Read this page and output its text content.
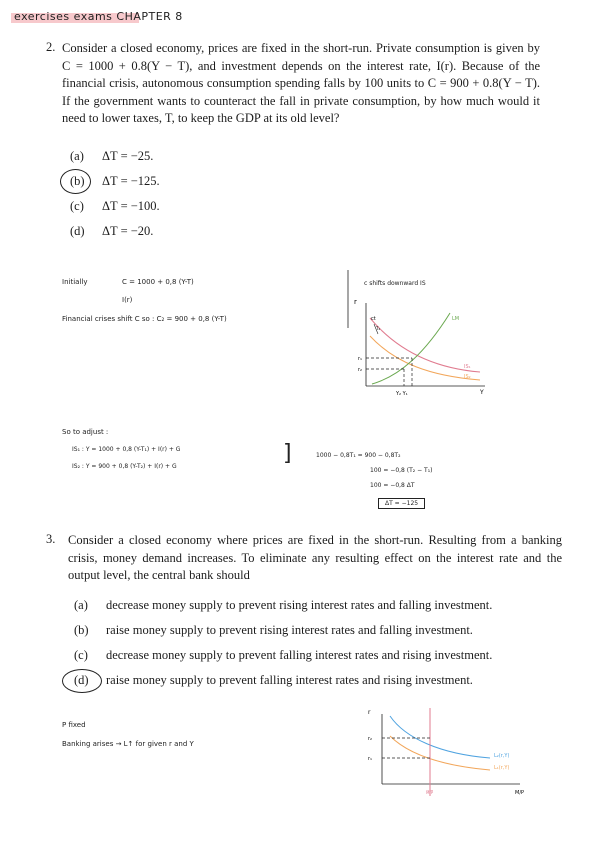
exercises exams CHAPTER 8
2. Consider a closed economy, prices are fixed in the short-run. Private consumption is given by C = 1000 + 0.8(Y − T), and investment depends on the interest rate, I(r). Because of the financial crisis, autonomous consumption spending falls by 100 units to C = 900 + 0.8(Y − T). If the government wants to counteract the fall in private consumption, by how much would it need to lower taxes, T, to keep the GDP at its old level?
(a) ΔT = −25.
(b) ΔT = −125.
(c) ΔT = −100.
(d) ΔT = −20.
Initially	C = 1000 + 0,8 (Y-T)
I(r)
Financial crises shift C so : C₂ = 900 + 0,8 (Y-T)
c shifts downward IS
r
Y
r₁
r₂
Y₂ Y₁
LM
IS₁
IS₂
ct
T₂
So to adjust :
IS₁ : Y = 1000 + 0,8 (Y-T₁) + I(r) + G
IS₂ : Y = 900 + 0,8 (Y-T₂) + I(r) + G
]	1000 − 0,8T₁ = 900 − 0,8T₂
100 = −0,8 (T₂ − T₁)
100 = −0,8 ΔT
ΔT = −125
3. Consider a closed economy where prices are fixed in the short-run. Resulting from a banking crisis, money demand increases. To eliminate any resulting effect on the interest rate and the output level, the central bank should
(a) decrease money supply to prevent rising interest rates and falling investment.
(b) raise money supply to prevent rising interest rates and falling investment.
(c) decrease money supply to prevent falling interest rates and rising investment.
(d) raise money supply to prevent falling interest rates and rising investment.
P fixed
Banking arises → L↑ for given r and Y
r
M/P
r₂
r₁	L₂(r,Y)
L₁(r,Y)
M̄/P̄
